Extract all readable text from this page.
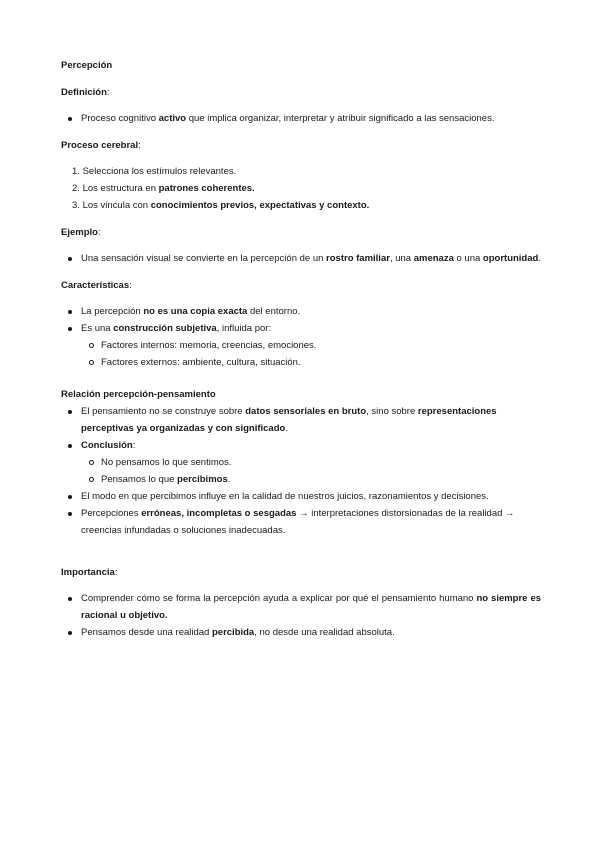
Percepción

Definición:

Proceso cognitivo activo que implica organizar, interpretar y atribuir significado a las sensaciones.

Proceso cerebral:

1. Selecciona los estímulos relevantes.
2. Los estructura en patrones coherentes.
3. Los vincula con conocimientos previos, expectativas y contexto.

Ejemplo:

Una sensación visual se convierte en la percepción de un rostro familiar, una amenaza o una oportunidad.

Características:

La percepción no es una copia exacta del entorno.
Es una construcción subjetiva, influida por:
Factores internos: memoria, creencias, emociones.
Factores externos: ambiente, cultura, situación.

Relación percepción-pensamiento

El pensamiento no se construye sobre datos sensoriales en bruto, sino sobre representaciones perceptivas ya organizadas y con significado.
Conclusión:
No pensamos lo que sentimos.
Pensamos lo que percibimos.
El modo en que percibimos influye en la calidad de nuestros juicios, razonamientos y decisiones.
Percepciones erróneas, incompletas o sesgadas → interpretaciones distorsionadas de la realidad → creencias infundadas o soluciones inadecuadas.

Importancia:

Comprender cómo se forma la percepción ayuda a explicar por qué el pensamiento humano no siempre es racional u objetivo.
Pensamos desde una realidad percibida, no desde una realidad absoluta.
